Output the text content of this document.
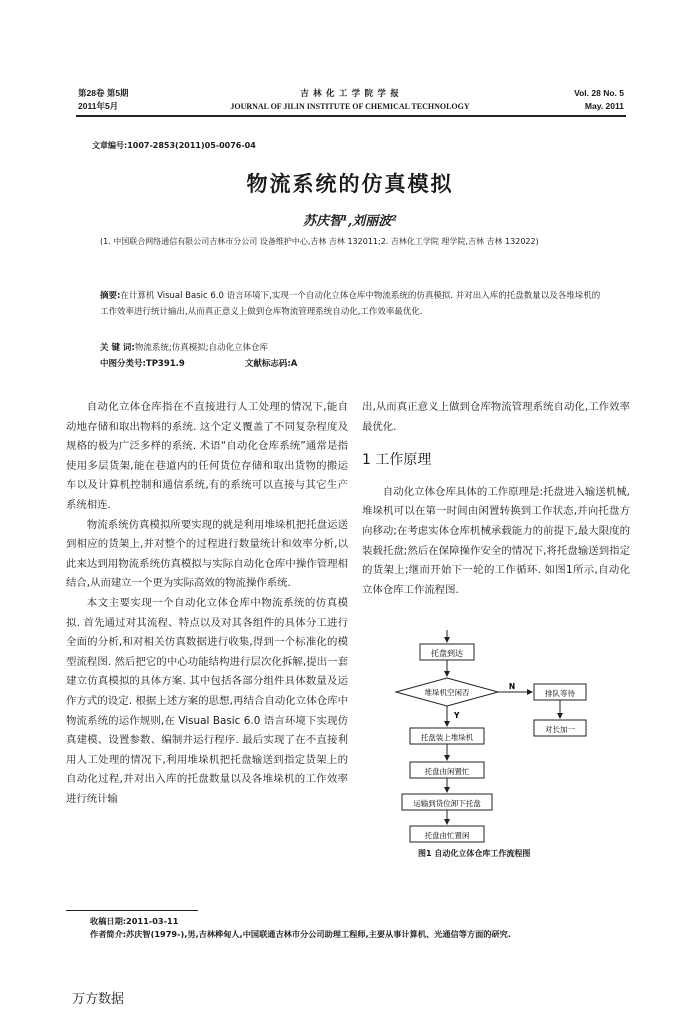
第28卷 第5期
2011年5月
吉 林 化 工 学 院 学 报
JOURNAL OF JILIN INSTITUTE OF CHEMICAL TECHNOLOGY
Vol. 28 No. 5
May. 2011
文章编号:1007-2853(2011)05-0076-04
物流系统的仿真模拟
苏庆智¹,刘丽波²
(1. 中国联合网络通信有限公司吉林市分公司 设备维护中心,吉林 吉林 132011;2. 吉林化工学院 理学院,吉林 吉林 132022)
摘要:在计算机 Visual Basic 6.0 语言环境下,实现一个自动化立体仓库中物流系统的仿真模拟. 并对出入库的托盘数量以及各堆垛机的工作效率进行统计输出,从而真正意义上做到仓库物流管理系统自动化,工作效率最优化.
关 键 词:物流系统;仿真模拟;自动化立体仓库
中图分类号:TP391.9	文献标志码:A

自动化立体仓库指在不直接进行人工处理的情况下,能自动地存储和取出物料的系统. 这个定义覆盖了不同复杂程度及规格的极为广泛多样的系统. 术语“自动化仓库系统”通常是指使用多层货架,能在巷道内的任何货位存储和取出货物的搬运车以及计算机控制和通信系统,有的系统可以直接与其它生产系统相连.

物流系统仿真模拟所要实现的就是利用堆垛机把托盘运送到相应的货架上,并对整个的过程进行数量统计和效率分析,以此来达到用物流系统仿真模拟与实际自动化仓库中操作管理相结合,从而建立一个更为实际高效的物流操作系统.

本文主要实现一个自动化立体仓库中物流系统的仿真模拟. 首先通过对其流程、特点以及对其各组件的具体分工进行全面的分析,和对相关仿真数据进行收集,得到一个标准化的模型流程图. 然后把它的中心功能结构进行层次化拆解,提出一套建立仿真模拟的具体方案. 其中包括各部分组件具体数量及运作方式的设定. 根据上述方案的思想,再结合自动化立体仓库中物流系统的运作规则,在 Visual Basic 6.0 语言环境下实现仿真建模、设置参数、编制并运行程序. 最后实现了在不直接利用人工处理的情况下,利用堆垛机把托盘输送到指定货架上的自动化过程,并对出入库的托盘数量以及各堆垛机的工作效率进行统计输

出,从而真正意义上做到仓库物流管理系统自动化,工作效率最优化.

1 工作原理

自动化立体仓库具体的工作原理是:托盘进入输送机械,堆垛机可以在第一时间由闲置转换到工作状态,并向托盘方向移动;在考虑实体仓库机械承载能力的前提下,最大限度的装载托盘;然后在保障操作安全的情况下,将托盘输送到指定的货架上;继而开始下一轮的工作循环. 如图1所示,自动化立体仓库工作流程图.

托盘到达
堆垛机空闲否
N
排队等待
对长加一
Y
托盘装上堆垛机
托盘由闲置忙
运输到货位卸下托盘
托盘由忙置闲
图1 自动化立体仓库工作流程图
收稿日期:2011-03-11
作者简介:苏庆智(1979-),男,吉林桦甸人,中国联通吉林市分公司助理工程师,主要从事计算机、光通信等方面的研究.
万方数据
